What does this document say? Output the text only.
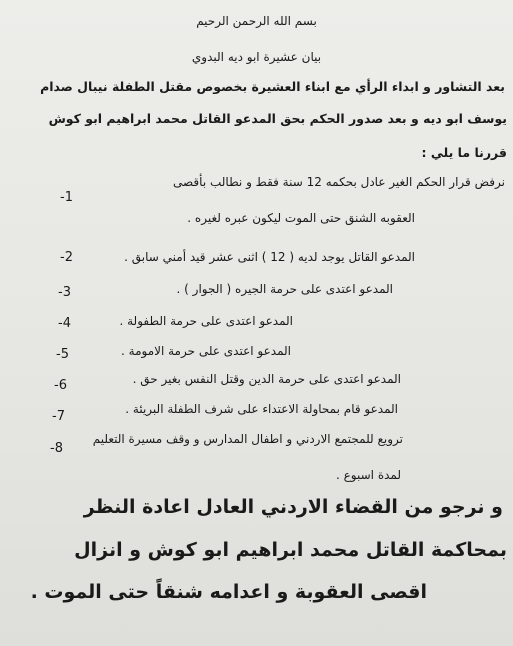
بسم الله الرحمن الرحيم
بيان عشيرة ابو ديه البدوي
بعد التشاور و ابداء الرأي مع ابناء العشيرة بخصوص مقتل الطفلة نيبال صدام
يوسف ابو ديه و بعد صدور الحكم بحق المدعو القاتل محمد ابراهيم ابو كوش
قررنا ما يلي :
-1
نرفض قرار الحكم الغير عادل بحكمه 12 سنة فقط و نطالب بأقصى
العقوبه الشنق حتى الموت ليكون عبره لغيره .
-2	المدعو القاتل يوجد لديه ( 12 ) اثنى عشر قيد أمني سابق .
-3	المدعو اعتدى على حرمة الجيره ( الجوار ) .
-4	المدعو اعتدى على حرمة الطفولة .
-5	المدعو اعتدى على حرمة الامومة .
-6	المدعو اعتدى على حرمة الدين وقتل النفس بغير حق .
-7	المدعو قام بمحاولة الاعتداء على شرف الطفلة البريئة .
-8
ترويع للمجتمع الاردني و اطفال المدارس و وقف مسيرة التعليم
لمدة اسبوع .
و نرجو من القضاء الاردني العادل اعادة النظر
بمحاكمة القاتل محمد ابراهيم ابو كوش و انزال
اقصى العقوبة و اعدامه شنقاً حتى الموت .
